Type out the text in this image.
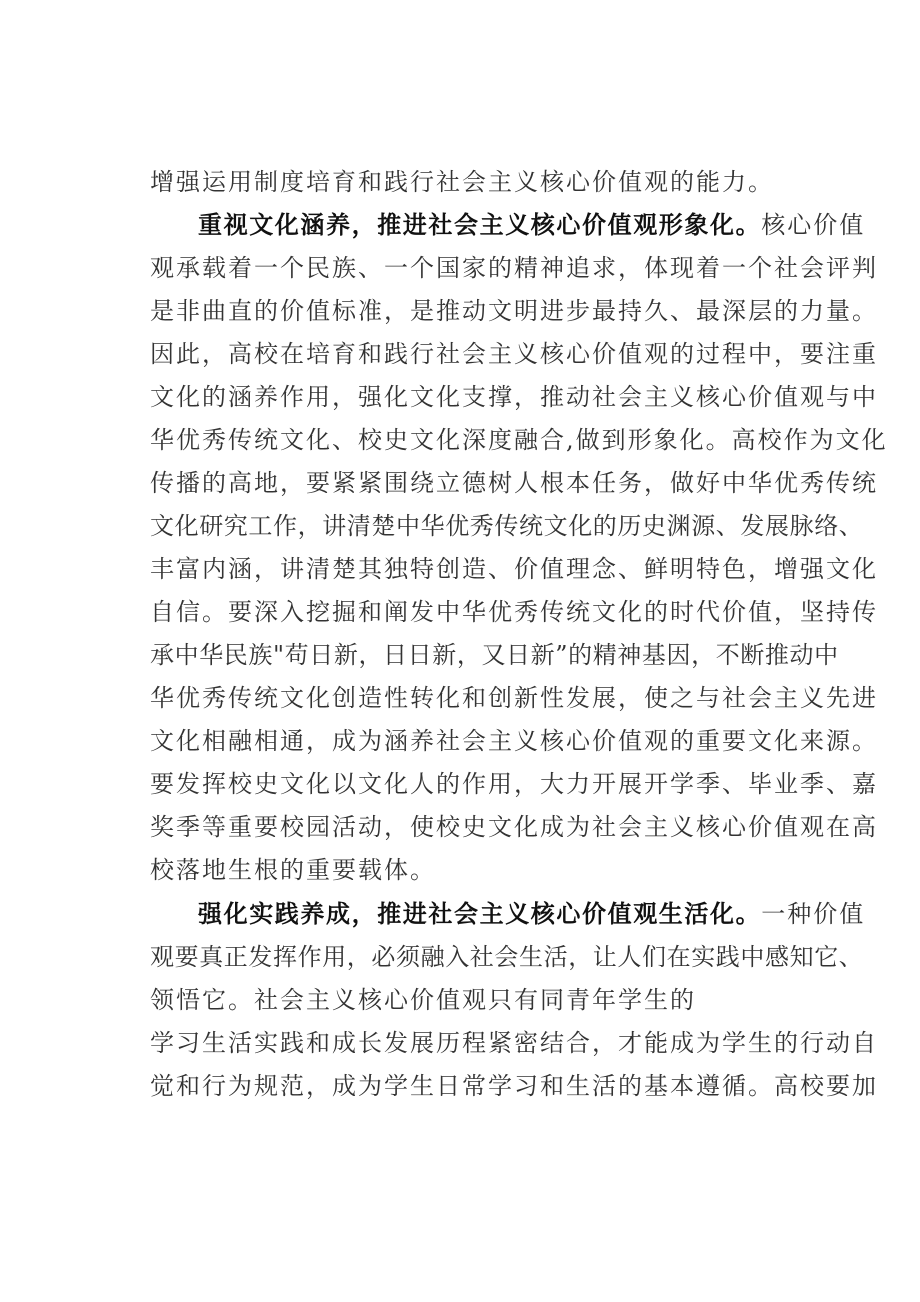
增强运用制度培育和践行社会主义核心价值观的能力。
重视文化涵养，推进社会主义核心价值观形象化。核心价值
观承载着一个民族、一个国家的精神追求，体现着一个社会评判
是非曲直的价值标准，是推动文明进步最持久、最深层的力量。
因此，高校在培育和践行社会主义核心价值观的过程中，要注重
文化的涵养作用，强化文化支撑，推动社会主义核心价值观与中
华优秀传统文化、校史文化深度融合,做到形象化。高校作为文化
传播的高地，要紧紧围绕立德树人根本任务，做好中华优秀传统
文化研究工作，讲清楚中华优秀传统文化的历史渊源、发展脉络、
丰富内涵，讲清楚其独特创造、价值理念、鲜明特色，增强文化
自信。要深入挖掘和阐发中华优秀传统文化的时代价值，坚持传
承中华民族"苟日新，日日新，又日新”的精神基因，不断推动中
华优秀传统文化创造性转化和创新性发展，使之与社会主义先进
文化相融相通，成为涵养社会主义核心价值观的重要文化来源。
要发挥校史文化以文化人的作用，大力开展开学季、毕业季、嘉
奖季等重要校园活动，使校史文化成为社会主义核心价值观在高
校落地生根的重要载体。
强化实践养成，推进社会主义核心价值观生活化。一种价值
观要真正发挥作用，必须融入社会生活，让人们在实践中感知它、
领悟它。社会主义核心价值观只有同青年学生的
学习生活实践和成长发展历程紧密结合，才能成为学生的行动自
觉和行为规范，成为学生日常学习和生活的基本遵循。高校要加
